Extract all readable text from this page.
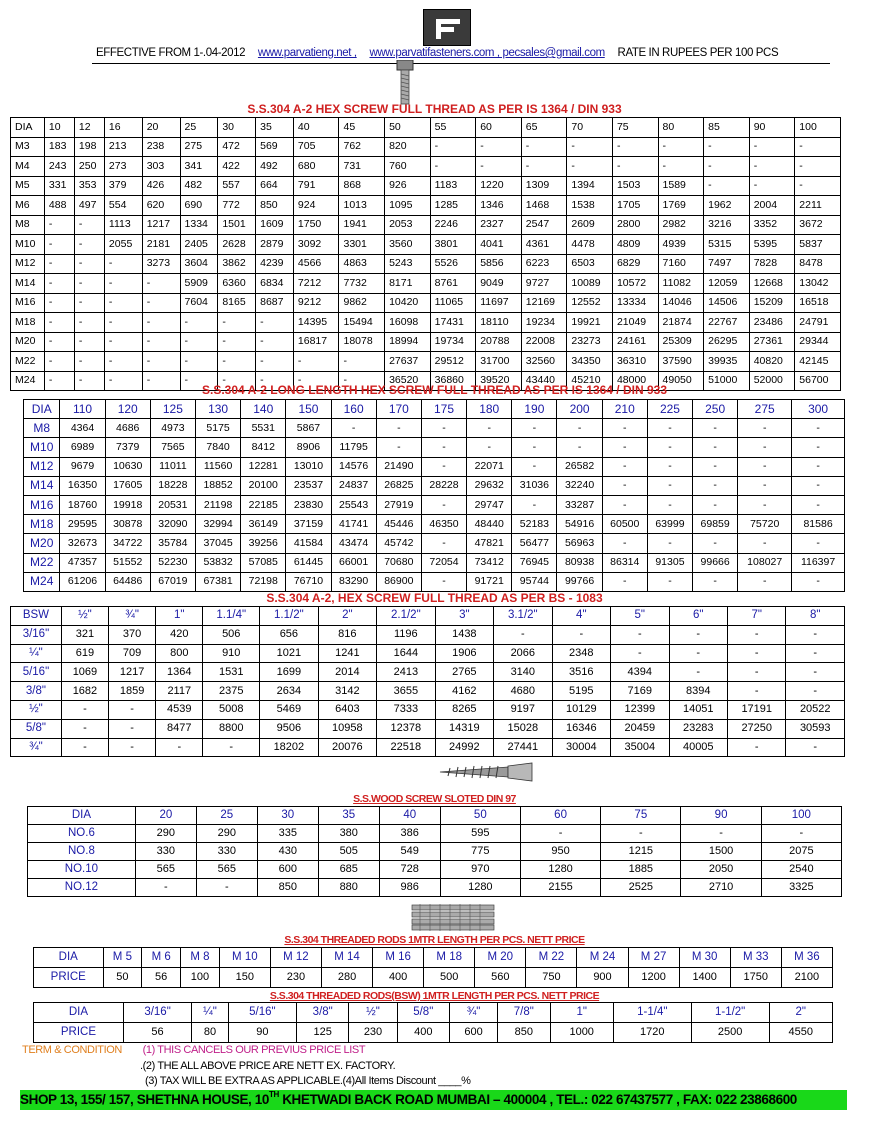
EFFECTIVE FROM 1-.04-2012 www.parvatieng.net , www.parvatifasteners.com , pecsales@gmail.com RATE IN RUPEES PER 100 PCS
S.S.304 A-2 HEX SCREW FULL THREAD AS PER IS 1364 / DIN 933
DIA	10	12	16	20	25	30	35	40	45	50	55	60	65	70	75	80	85	90	100
M3	183	198	213	238	275	472	569	705	762	820	-	-	-	-	-	-	-	-	-
M4	243	250	273	303	341	422	492	680	731	760	-	-	-	-	-	-	-	-	-
M5	331	353	379	426	482	557	664	791	868	926	1183	1220	1309	1394	1503	1589	-	-	-
M6	488	497	554	620	690	772	850	924	1013	1095	1285	1346	1468	1538	1705	1769	1962	2004	2211
M8	-	-	1113	1217	1334	1501	1609	1750	1941	2053	2246	2327	2547	2609	2800	2982	3216	3352	3672
M10	-	-	2055	2181	2405	2628	2879	3092	3301	3560	3801	4041	4361	4478	4809	4939	5315	5395	5837
M12	-	-	-	3273	3604	3862	4239	4566	4863	5243	5526	5856	6223	6503	6829	7160	7497	7828	8478
M14	-	-	-	-	5909	6360	6834	7212	7732	8171	8761	9049	9727	10089	10572	11082	12059	12668	13042
M16	-	-	-	-	7604	8165	8687	9212	9862	10420	11065	11697	12169	12552	13334	14046	14506	15209	16518
M18	-	-	-	-	-	-	-	14395	15494	16098	17431	18110	19234	19921	21049	21874	22767	23486	24791
M20	-	-	-	-	-	-	-	16817	18078	18994	19734	20788	22008	23273	24161	25309	26295	27361	29344
M22	-	-	-	-	-	-	-	-	-	27637	29512	31700	32560	34350	36310	37590	39935	40820	42145
M24	-	-	-	-	-	-	-	-	-	36520	36860	39520	43440	45210	48000	49050	51000	52000	56700
S.S.304 A-2 LONG LENGTH HEX SCREW FULL THREAD AS PER IS 1364 / DIN 933
DIA	110	120	125	130	140	150	160	170	175	180	190	200	210	225	250	275	300
M8	4364	4686	4973	5175	5531	5867	-	-	-	-	-	-	-	-	-	-	-
M10	6989	7379	7565	7840	8412	8906	11795	-	-	-	-	-	-	-	-	-	-
M12	9679	10630	11011	11560	12281	13010	14576	21490	-	22071	-	26582	-	-	-	-	-
M14	16350	17605	18228	18852	20100	23537	24837	26825	28228	29632	31036	32240	-	-	-	-	-
M16	18760	19918	20531	21198	22185	23830	25543	27919	-	29747	-	33287	-	-	-	-	-
M18	29595	30878	32090	32994	36149	37159	41741	45446	46350	48440	52183	54916	60500	63999	69859	75720	81586
M20	32673	34722	35784	37045	39256	41584	43474	45742	-	47821	56477	56963	-	-	-	-	-
M22	47357	51552	52230	53832	57085	61445	66001	70680	72054	73412	76945	80938	86314	91305	99666	108027	116397
M24	61206	64486	67019	67381	72198	76710	83290	86900	-	91721	95744	99766	-	-	-	-	-
S.S.304 A-2, HEX SCREW FULL THREAD AS PER BS - 1083
BSW	½"	¾"	1"	1.1/4"	1.1/2"	2"	2.1/2"	3"	3.1/2"	4"	5"	6"	7"	8"
3/16"	321	370	420	506	656	816	1196	1438	-	-	-	-	-	-
¼"	619	709	800	910	1021	1241	1644	1906	2066	2348	-	-	-	-
5/16"	1069	1217	1364	1531	1699	2014	2413	2765	3140	3516	4394	-	-	-
3/8"	1682	1859	2117	2375	2634	3142	3655	4162	4680	5195	7169	8394	-	-
½"	-	-	4539	5008	5469	6403	7333	8265	9197	10129	12399	14051	17191	20522
5/8"	-	-	8477	8800	9506	10958	12378	14319	15028	16346	20459	23283	27250	30593
¾"	-	-	-	-	18202	20076	22518	24992	27441	30004	35004	40005	-	-
S.S.WOOD SCREW SLOTED DIN 97
DIA	20	25	30	35	40	50	60	75	90	100
NO.6	290	290	335	380	386	595	-	-	-	-
NO.8	330	330	430	505	549	775	950	1215	1500	2075
NO.10	565	565	600	685	728	970	1280	1885	2050	2540
NO.12	-	-	850	880	986	1280	2155	2525	2710	3325
S.S.304 THREADED RODS 1MTR LENGTH PER PCS. NETT PRICE
DIA	M 5	M 6	M 8	M 10	M 12	M 14	M 16	M 18	M 20	M 22	M 24	M 27	M 30	M 33	M 36
PRICE	50	56	100	150	230	280	400	500	560	750	900	1200	1400	1750	2100
S.S.304 THREADED RODS(BSW) 1MTR LENGTH PER PCS. NETT PRICE
DIA	3/16"	¼"	5/16"	3/8"	½"	5/8"	¾"	7/8"	1"	1-1/4"	1-1/2"	2"
PRICE	56	80	90	125	230	400	600	850	1000	1720	2500	4550
TERM & CONDITION (1) THIS CANCELS OUR PREVIUS PRICE LIST
.(2) THE ALL ABOVE PRICE ARE NETT EX. FACTORY.
(3) TAX WILL BE EXTRA AS APPLICABLE.(4)All Items Discount ____%
SHOP 13, 155/ 157, SHETHNA HOUSE, 10TH KHETWADI BACK ROAD MUMBAI – 400004 , TEL.: 022 67437577 , FAX: 022 23868600
